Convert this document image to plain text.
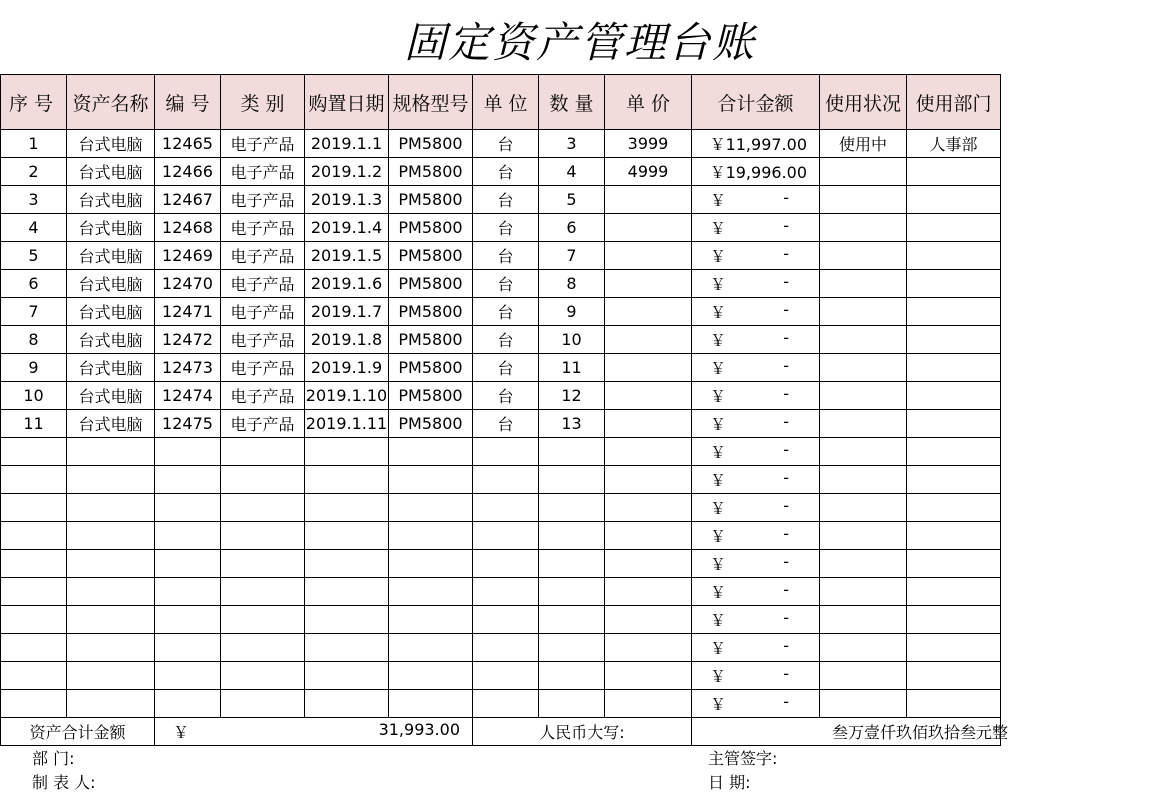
固定资产管理台账
序 号	资产名称	编 号	类 别	购置日期	规格型号	单 位	数 量	单 价	合计金额	使用状况	使用部门
1	台式电脑	12465	电子产品	2019.1.1	PM5800	台	3	3999	￥11,997.00	使用中	人事部
2	台式电脑	12466	电子产品	2019.1.2	PM5800	台	4	4999	￥19,996.00		
3	台式电脑	12467	电子产品	2019.1.3	PM5800	台	5		￥ -		

4	台式电脑	12468	电子产品	2019.1.4	PM5800	台	6		￥ -		

5	台式电脑	12469	电子产品	2019.1.5	PM5800	台	7		￥ -		

6	台式电脑	12470	电子产品	2019.1.6	PM5800	台	8		￥ -		

7	台式电脑	12471	电子产品	2019.1.7	PM5800	台	9		￥ -		

8	台式电脑	12472	电子产品	2019.1.8	PM5800	台	10		￥ -		

9	台式电脑	12473	电子产品	2019.1.9	PM5800	台	11		￥ -		

10	台式电脑	12474	电子产品	2019.1.10	PM5800	台	12		￥ -		

11	台式电脑	12475	电子产品	2019.1.11	PM5800	台	13		￥ -		

									￥ -		

									￥ -		

									￥ -		

									￥ -		

									￥ -		

									￥ -		

									￥ -		

									￥ -		

									￥ -		

									￥ -		

资产合计金额		￥ 31,993.00				人民币大写:			叁万壹仟玖佰玖拾叁元整		
部 门:
制 表 人:
主管签字:
日 期:
